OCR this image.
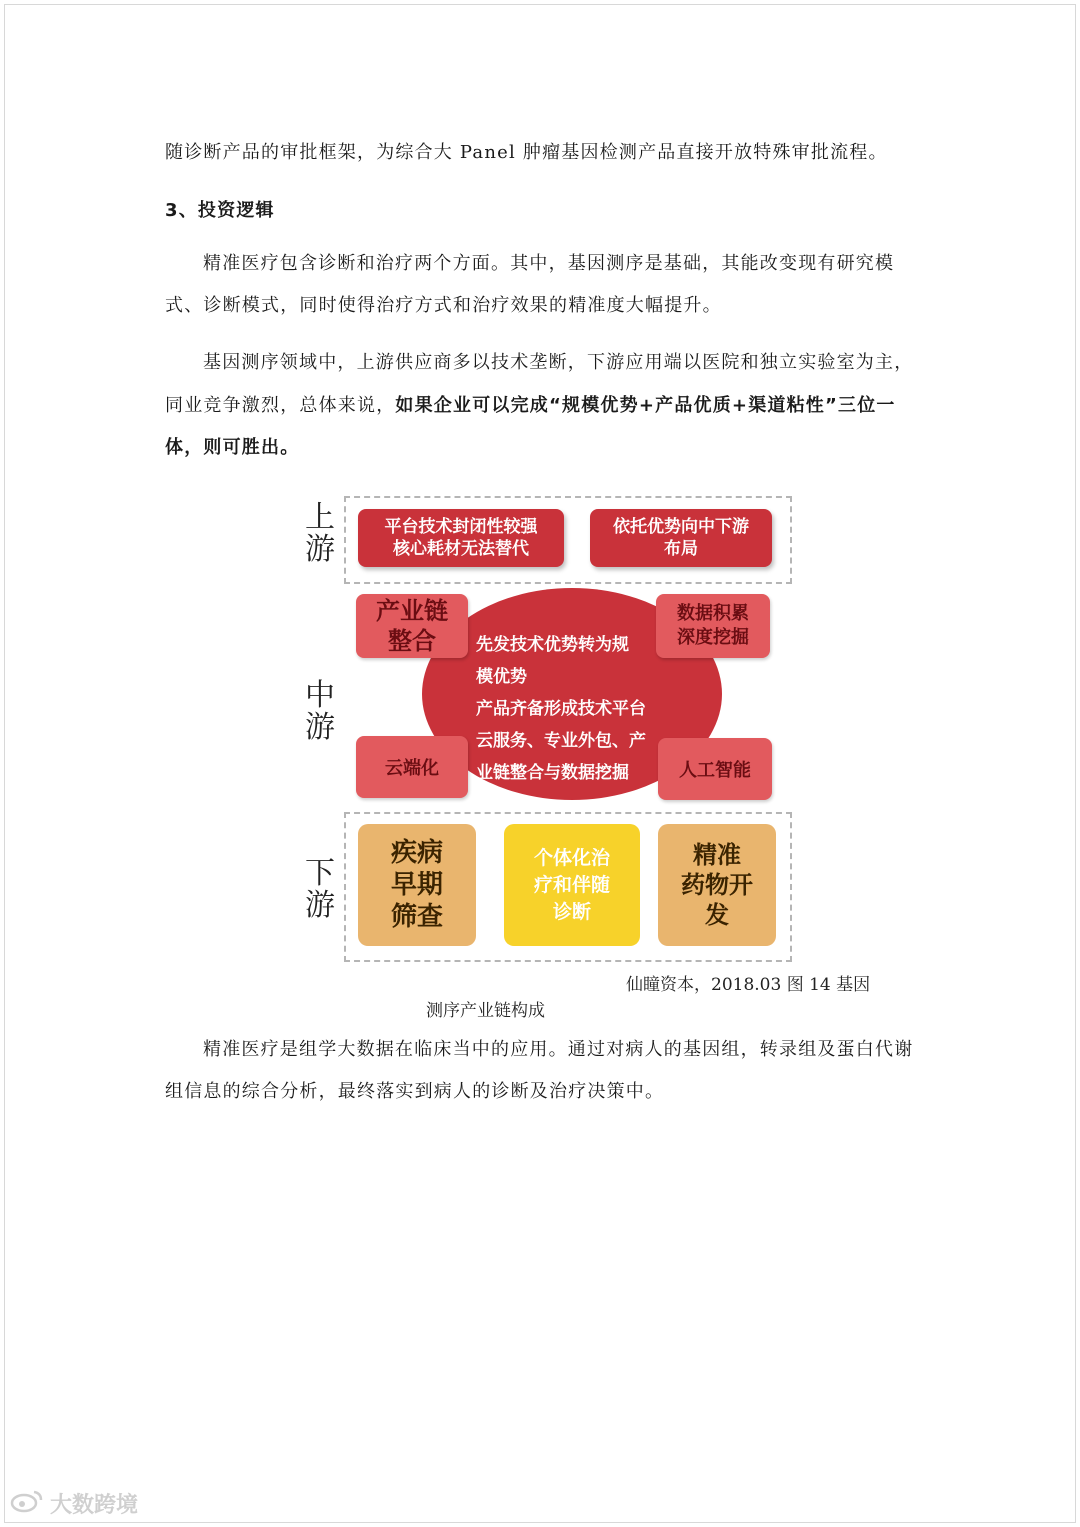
随诊断产品的审批框架，为综合大 Panel 肿瘤基因检测产品直接开放特殊审批流程。
3、投资逻辑
精准医疗包含诊断和治疗两个方面。其中，基因测序是基础，其能改变现有研究模
式、诊断模式，同时使得治疗方式和治疗效果的精准度大幅提升。
基因测序领域中，上游供应商多以技术垄断，下游应用端以医院和独立实验室为主，
同业竞争激烈，总体来说，如果企业可以完成“规模优势+产品优质+渠道粘性”三位一
体，则可胜出。
上游
平台技术封闭性较强
核心耗材无法替代
依托优势向中下游
布局
中游
产业链
整合
数据积累
深度挖掘
先发技术优势转为规
模优势
产品齐备形成技术平台
云服务、专业外包、产
业链整合与数据挖掘
云端化	人工智能
下游
疾病
早期
筛查
个体化治
疗和伴随
诊断
精准
药物开
发
仙瞳资本，2018.03 图 14 基因
测序产业链构成
精准医疗是组学大数据在临床当中的应用。通过对病人的基因组，转录组及蛋白代谢
组信息的综合分析，最终落实到病人的诊断及治疗决策中。
大数跨境
